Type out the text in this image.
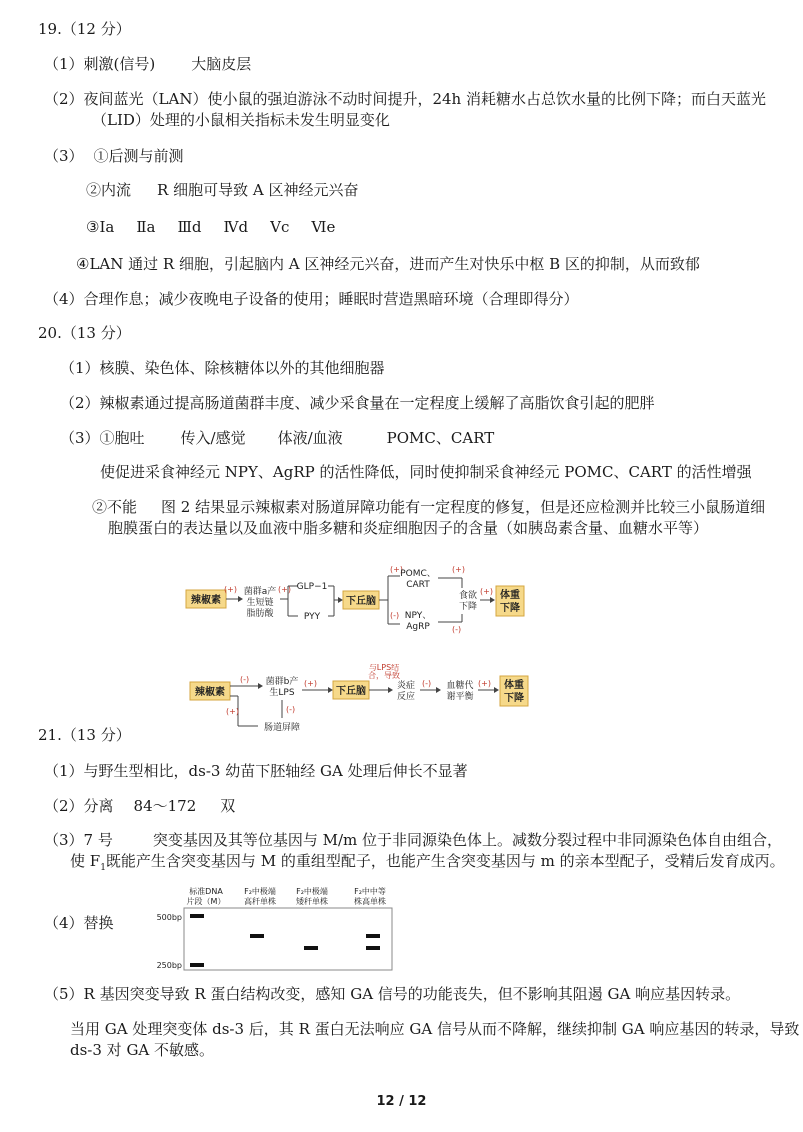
19.（12 分）
（1）刺激(信号) 大脑皮层
（2）夜间蓝光（LAN）使小鼠的强迫游泳不动时间提升，24h 消耗糖水占总饮水量的比例下降；而白天蓝光
（LID）处理的小鼠相关指标未发生明显变化
（3） ①后测与前测
②内流 R 细胞可导致 A 区神经元兴奋
③Ⅰa Ⅱa Ⅲd Ⅳd Ⅴc Ⅵe
④LAN 通过 R 细胞，引起脑内 A 区神经元兴奋，进而产生对快乐中枢 B 区的抑制，从而致郁
（4）合理作息；减少夜晚电子设备的使用；睡眠时营造黑暗环境（合理即得分）
20.（13 分）
（1）核膜、染色体、除核糖体以外的其他细胞器
（2）辣椒素通过提高肠道菌群丰度、减少采食量在一定程度上缓解了高脂饮食引起的肥胖
（3）①胞吐 传入/感觉 体液/血液	POMC、CART
使促进采食神经元 NPY、AgRP 的活性降低，同时使抑制采食神经元 POMC、CART 的活性增强
②不能 图 2 结果显示辣椒素对肠道屏障功能有一定程度的修复，但是还应检测并比较三小鼠肠道细
胞膜蛋白的表达量以及血液中脂多糖和炎症细胞因子的含量（如胰岛素含量、血糖水平等）
辣椒素
(+) 菌群a产
生短链
脂肪酸
(+) GLP−1
PYY
下丘脑
(+)
(-)
POMC、
CART
NPY、
AgRP
(+)
(-)
食欲
下降
(+) 体重
下降
辣椒素
(-)
(+)
菌群b产
生LPS
(-)
肠道屏障
(+)
下丘脑
与LPS结
合，导致
炎症
反应
(-) 血糖代
谢平衡
(+) 体重
下降
21.（13 分）
（1）与野生型相比，ds-3 幼苗下胚轴经 GA 处理后伸长不显著
（2）分离 84～172 双
（3）7 号	突变基因及其等位基因与 M/m 位于非同源染色体上。减数分裂过程中非同源染色体自由组合，
使 $F_1$既能产生含突变基因与 M 的重组型配子，也能产生含突变基因与 m 的亲本型配子，受精后发育成丙。
（4）替换
标准DNA
片段（M）
F₂中极端
高秆单株
F₂中极端
矮秆单株
F₂中中等
株高单株
500bp
250bp
（5）R 基因突变导致 R 蛋白结构改变，感知 GA 信号的功能丧失，但不影响其阻遏 GA 响应基因转录。
当用 GA 处理突变体 ds-3 后，其 R 蛋白无法响应 GA 信号从而不降解，继续抑制 GA 响应基因的转录，导致
ds-3 对 GA 不敏感。
12 / 12
